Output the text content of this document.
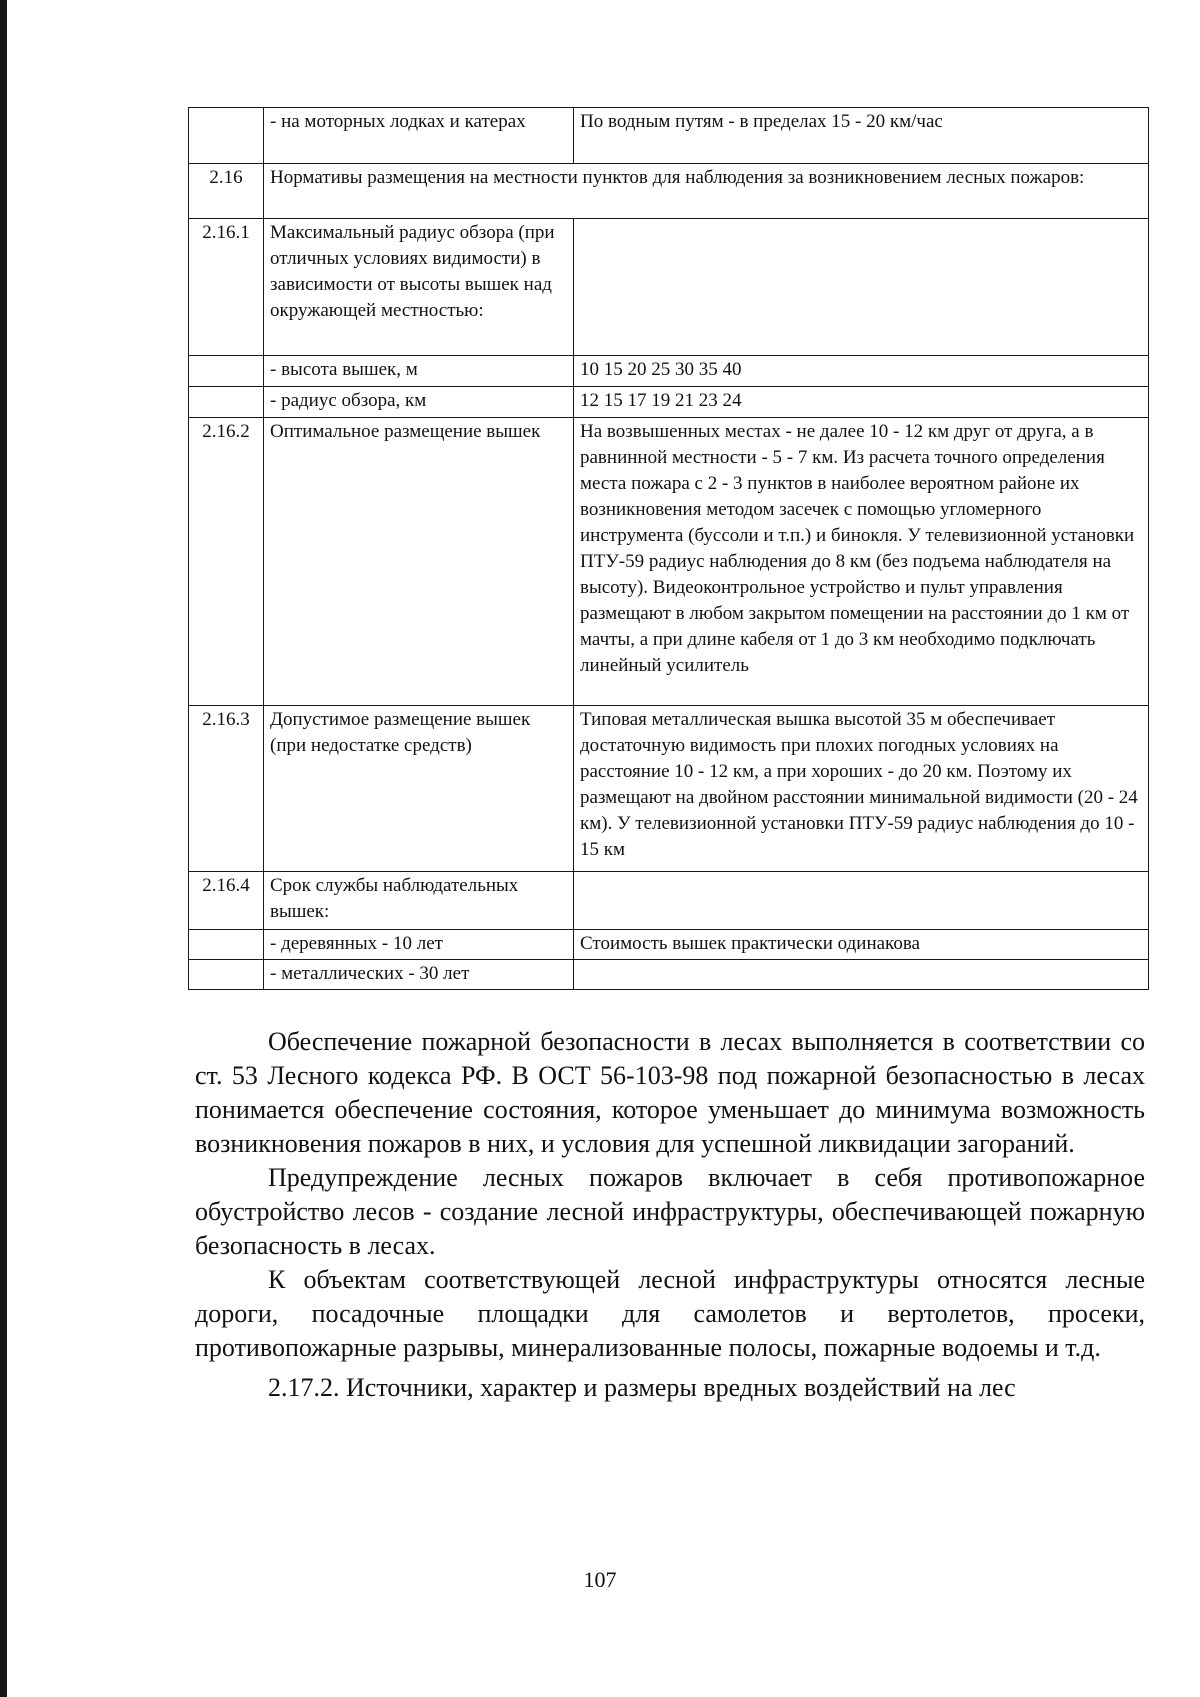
	- на моторных лодках и катерах	По водным путям - в пределах 15 - 20 км/час
2.16	Нормативы размещения на местности пунктов для наблюдения за возникновением лесных пожаров:	
2.16.1	Максимальный радиус обзора (при отличных условиях видимости) в зависимости от высоты вышек над окружающей местностью:	
	- высота вышек, м	10 15 20 25 30 35 40
	- радиус обзора, км	12 15 17 19 21 23 24
2.16.2	Оптимальное размещение вышек	На возвышенных местах - не далее 10 - 12 км друг от друга, а в равнинной местности - 5 - 7 км. Из расчета точного определения места пожара с 2 - 3 пунктов в наиболее вероятном районе их возникновения методом засечек с помощью угломерного инструмента (буссоли и т.п.) и бинокля. У телевизионной установки ПТУ-59 радиус наблюдения до 8 км (без подъема наблюдателя на высоту). Видеоконтрольное устройство и пульт управления размещают в любом закрытом помещении на расстоянии до 1 км от мачты, а при длине кабеля от 1 до 3 км необходимо подключать линейный усилитель
2.16.3	Допустимое размещение вышек (при недостатке средств)	Типовая металлическая вышка высотой 35 м обеспечивает достаточную видимость при плохих погодных условиях на расстояние 10 - 12 км, а при хороших - до 20 км. Поэтому их размещают на двойном расстоянии минимальной видимости (20 - 24 км). У телевизионной установки ПТУ-59 радиус наблюдения до 10 - 15 км
2.16.4	Срок службы наблюдательных вышек:	
	- деревянных - 10 лет	Стоимость вышек практически одинакова
	- металлических - 30 лет	

Обеспечение пожарной безопасности в лесах выполняется в соответствии со ст. 53 Лесного кодекса РФ. В ОСТ 56-103-98 под пожарной безопасностью в лесах понимается обеспечение состояния, которое уменьшает до минимума возможность возникновения пожаров в них, и условия для успешной ликвидации загораний.

Предупреждение лесных пожаров включает в себя противопожарное обустройство лесов - создание лесной инфраструктуры, обеспечивающей пожарную безопасность в лесах.

К объектам соответствующей лесной инфраструктуры относятся лесные дороги, посадочные площадки для самолетов и вертолетов, просеки, противопожарные разрывы, минерализованные полосы, пожарные водоемы и т.д.

2.17.2. Источники, характер и размеры вредных воздействий на лес

107
